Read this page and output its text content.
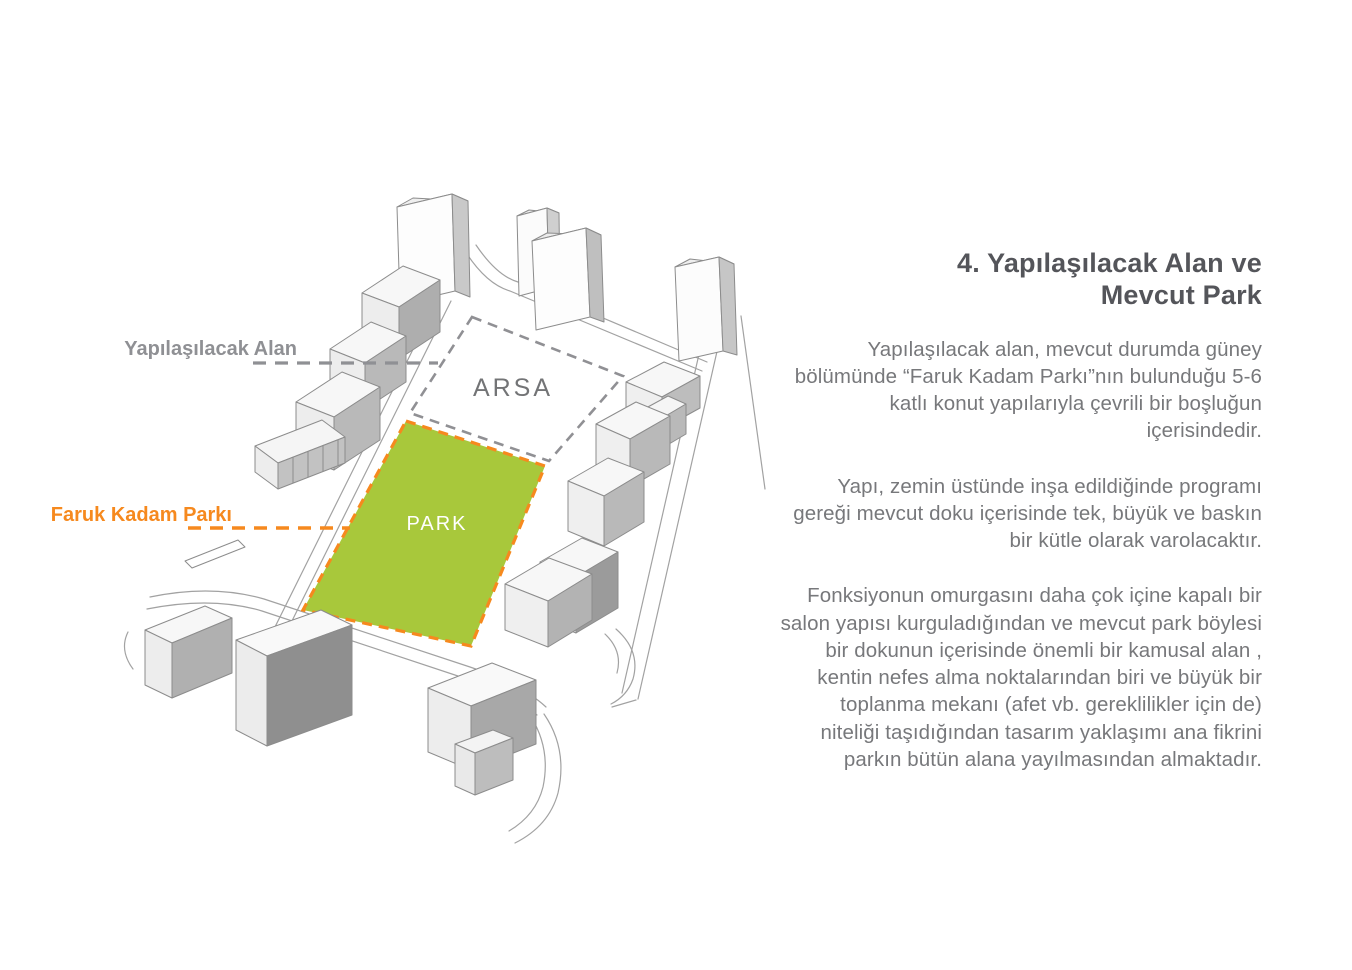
ARSA
PARK
Yapılaşılacak Alan
Faruk Kadam Parkı
4. Yapılaşılacak Alan ve
Mevcut Park

Yapılaşılacak alan, mevcut durumda güney bölümünde “Faruk Kadam Parkı”nın bulunduğu 5-6 katlı konut yapılarıyla çevrili bir boşluğun içerisindedir.

Yapı, zemin üstünde inşa edildiğinde programı gereği mevcut doku içerisinde tek, büyük ve baskın bir kütle olarak varolacaktır.

Fonksiyonun omurgasını daha çok içine kapalı bir salon yapısı kurguladığından ve mevcut park böylesi bir dokunun içerisinde önemli bir kamusal alan , kentin nefes alma noktalarından biri ve büyük bir toplanma mekanı (afet vb. gereklilikler için de) niteliği taşıdığından tasarım yaklaşımı ana fikrini parkın bütün alana yayılmasından almaktadır.
